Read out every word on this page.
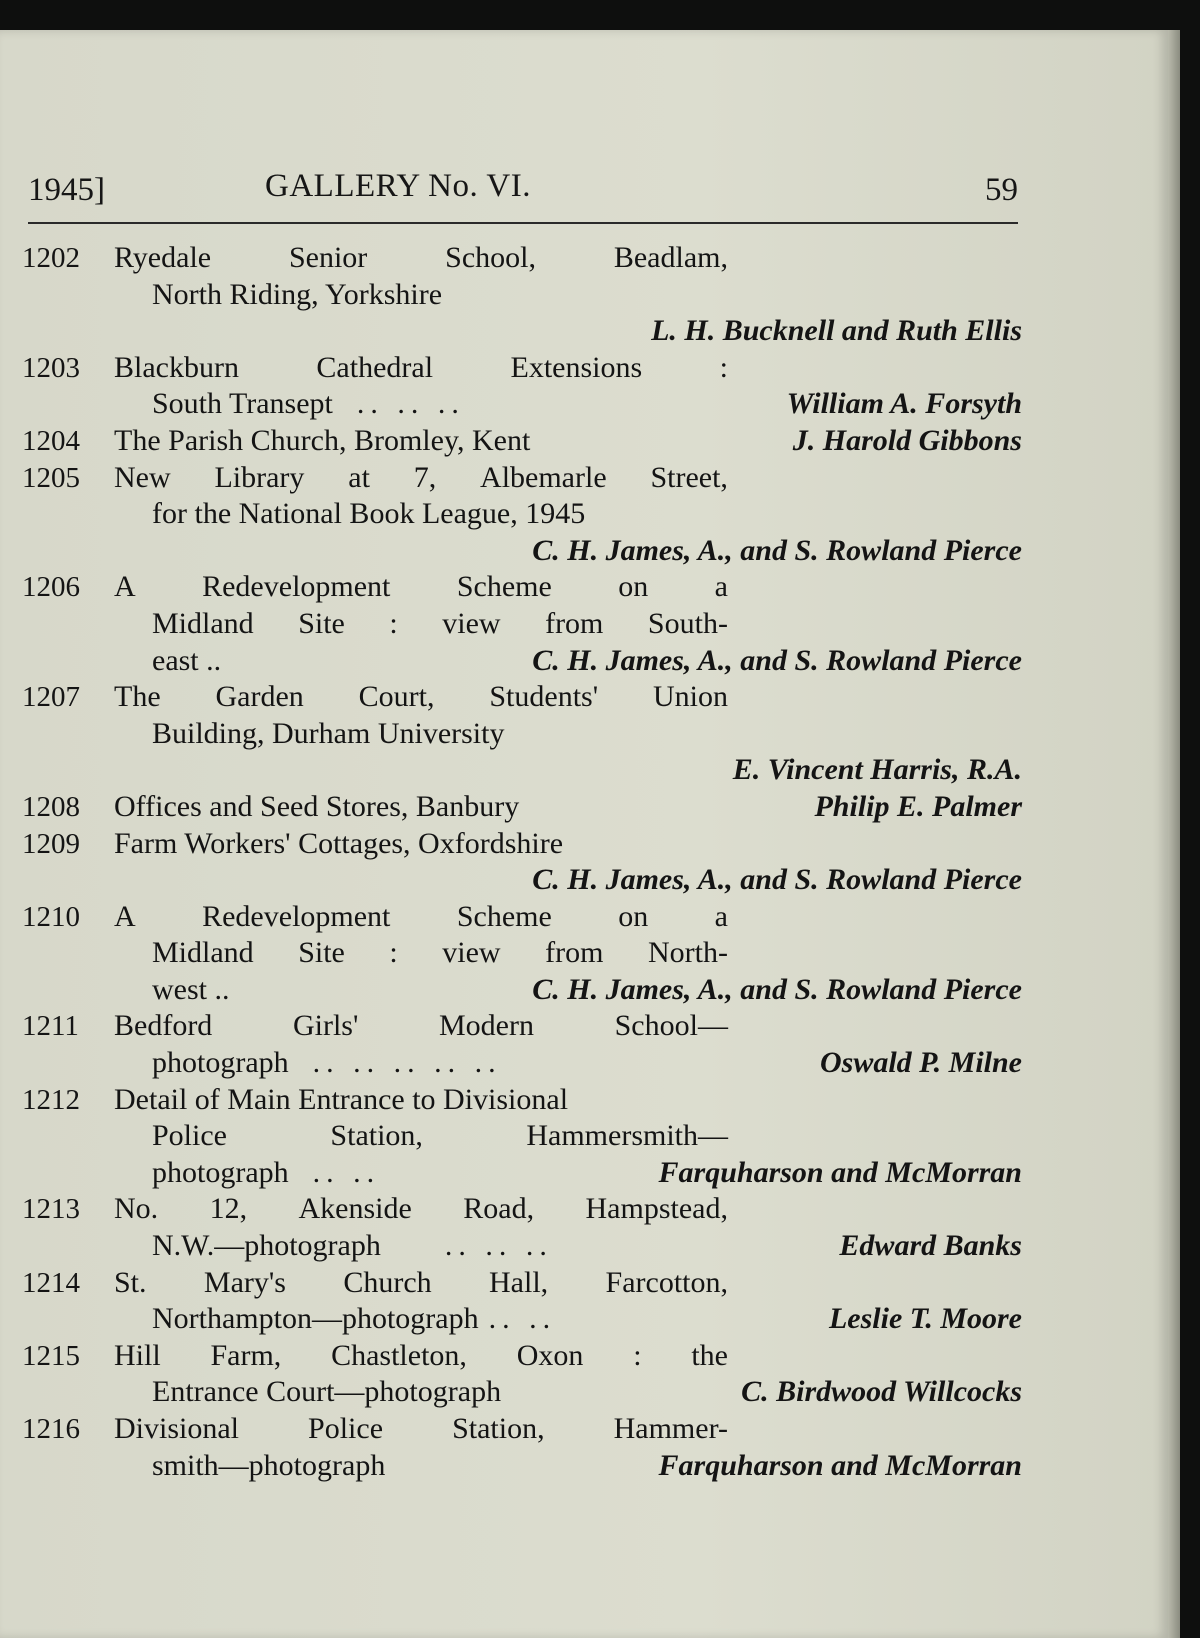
1945]	GALLERY No. VI.	59
1202 Ryedale	Senior	School,	Beadlam,
North Riding, Yorkshire
L. H. Bucknell and Ruth Ellis
1203 Blackburn	Cathedral	Extensions	:
South Transept .. .. ..	William A. Forsyth
1204 The Parish Church, Bromley, Kent	J. Harold Gibbons
1205 New Library at 7, Albemarle Street,
for the National Book League, 1945
C. H. James, A., and S. Rowland Pierce
1206 A Redevelopment Scheme on a
Midland Site : view from South-
east ..	C. H. James, A., and S. Rowland Pierce
1207 The Garden Court, Students' Union
Building, Durham University
E. Vincent Harris, R.A.
1208 Offices and Seed Stores, Banbury	Philip E. Palmer
1209 Farm Workers' Cottages, Oxfordshire
C. H. James, A., and S. Rowland Pierce
1210 A Redevelopment Scheme on a
Midland Site : view from North-
west ..	C. H. James, A., and S. Rowland Pierce
1211 Bedford	Girls'	Modern	School—
photograph .. .. .. .. ..	Oswald P. Milne
1212 Detail of Main Entrance to Divisional
Police	Station,	Hammersmith—
photograph .. ..	Farquharson and McMorran
1213 No. 12, Akenside Road, Hampstead,
N.W.—photograph .. .. ..	Edward Banks
1214 St. Mary's Church Hall, Farcotton,
Northampton—photograph .. ..	Leslie T. Moore
1215 Hill Farm, Chastleton, Oxon : the
Entrance Court—photograph	C. Birdwood Willcocks
1216 Divisional Police Station, Hammer-
smith—photograph	Farquharson and McMorran
